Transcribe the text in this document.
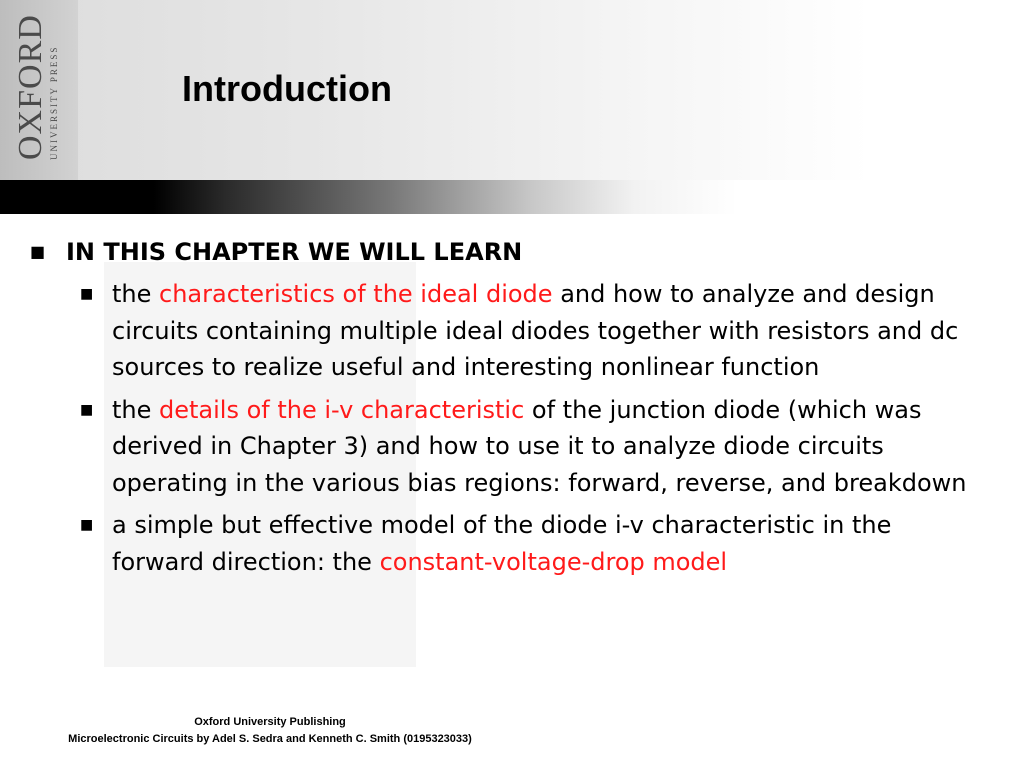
OXFORD UNIVERSITY PRESS	Introduction
■ IN THIS CHAPTER WE WILL LEARN
■ the characteristics of the ideal diode and how to analyze and design circuits containing multiple ideal diodes together with resistors and dc sources to realize useful and interesting nonlinear function
■ the details of the i-v characteristic of the junction diode (which was derived in Chapter 3) and how to use it to analyze diode circuits operating in the various bias regions: forward, reverse, and breakdown
■ a simple but effective model of the diode i-v characteristic in the forward direction: the constant-voltage-drop model
Oxford University Publishing
Microelectronic Circuits by Adel S. Sedra and Kenneth C. Smith (0195323033)
